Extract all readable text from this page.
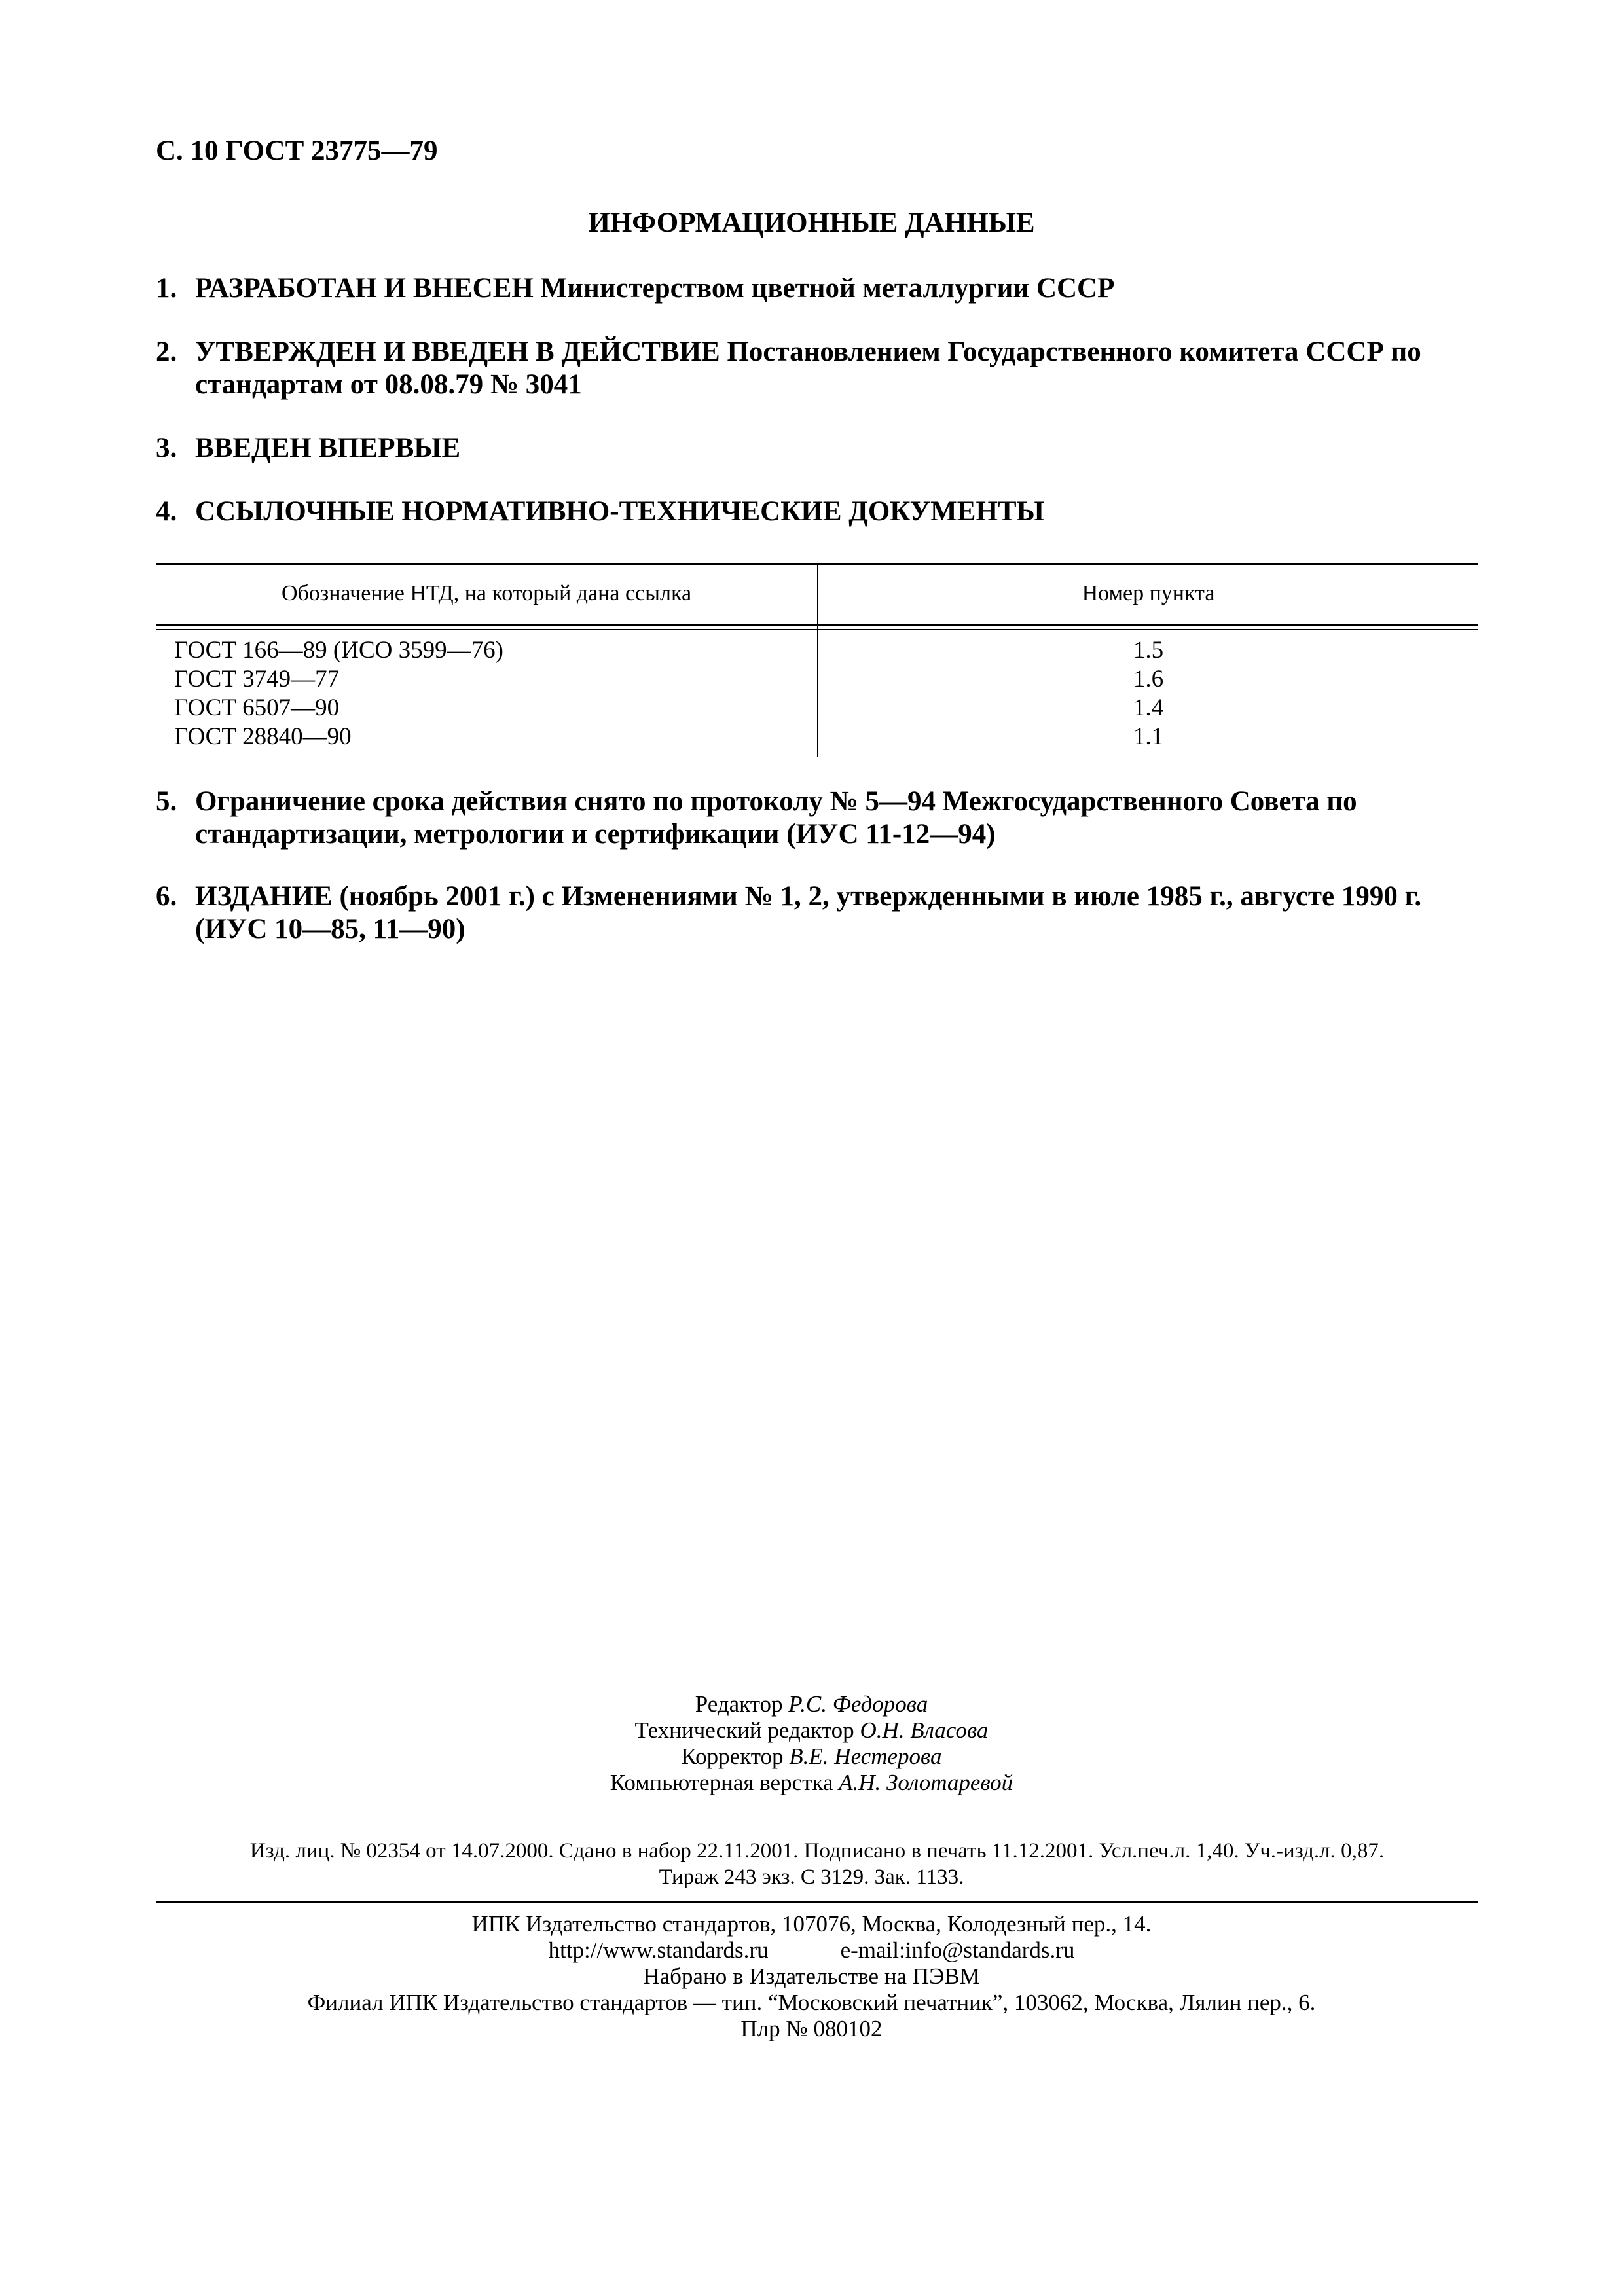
С. 10 ГОСТ 23775—79
ИНФОРМАЦИОННЫЕ ДАННЫЕ
1. РАЗРАБОТАН И ВНЕСЕН Министерством цветной металлургии СССР
2. УТВЕРЖДЕН И ВВЕДЕН В ДЕЙСТВИЕ Постановлением Государственного комитета СССР по стандартам от 08.08.79 № 3041
3. ВВЕДЕН ВПЕРВЫЕ
4. ССЫЛОЧНЫЕ НОРМАТИВНО-ТЕХНИЧЕСКИЕ ДОКУМЕНТЫ
Обозначение НТД, на который дана ссылка	Номер пункта
ГОСТ 166—89 (ИСО 3599—76)	1.5
ГОСТ 3749—77	1.6
ГОСТ 6507—90	1.4
ГОСТ 28840—90	1.1
5. Ограничение срока действия снято по протоколу № 5—94 Межгосударственного Совета по стандартизации, метрологии и сертификации (ИУС 11-12—94)
6. ИЗДАНИЕ (ноябрь 2001 г.) с Изменениями № 1, 2, утвержденными в июле 1985 г., августе 1990 г. (ИУС 10—85, 11—90)
Редактор Р.С. Федорова
Технический редактор О.Н. Власова
Корректор В.Е. Нестерова
Компьютерная верстка А.Н. Золотаревой
Изд. лиц. № 02354 от 14.07.2000. Сдано в набор 22.11.2001. Подписано в печать 11.12.2001. Усл.печ.л. 1,40. Уч.-изд.л. 0,87.
Тираж 243 экз. С 3129. Зак. 1133.
ИПК Издательство стандартов, 107076, Москва, Колодезный пер., 14.
http://www.standards.ru	e-mail:info@standards.ru
Набрано в Издательстве на ПЭВМ
Филиал ИПК Издательство стандартов — тип. “Московский печатник”, 103062, Москва, Лялин пер., 6.
Плр № 080102
